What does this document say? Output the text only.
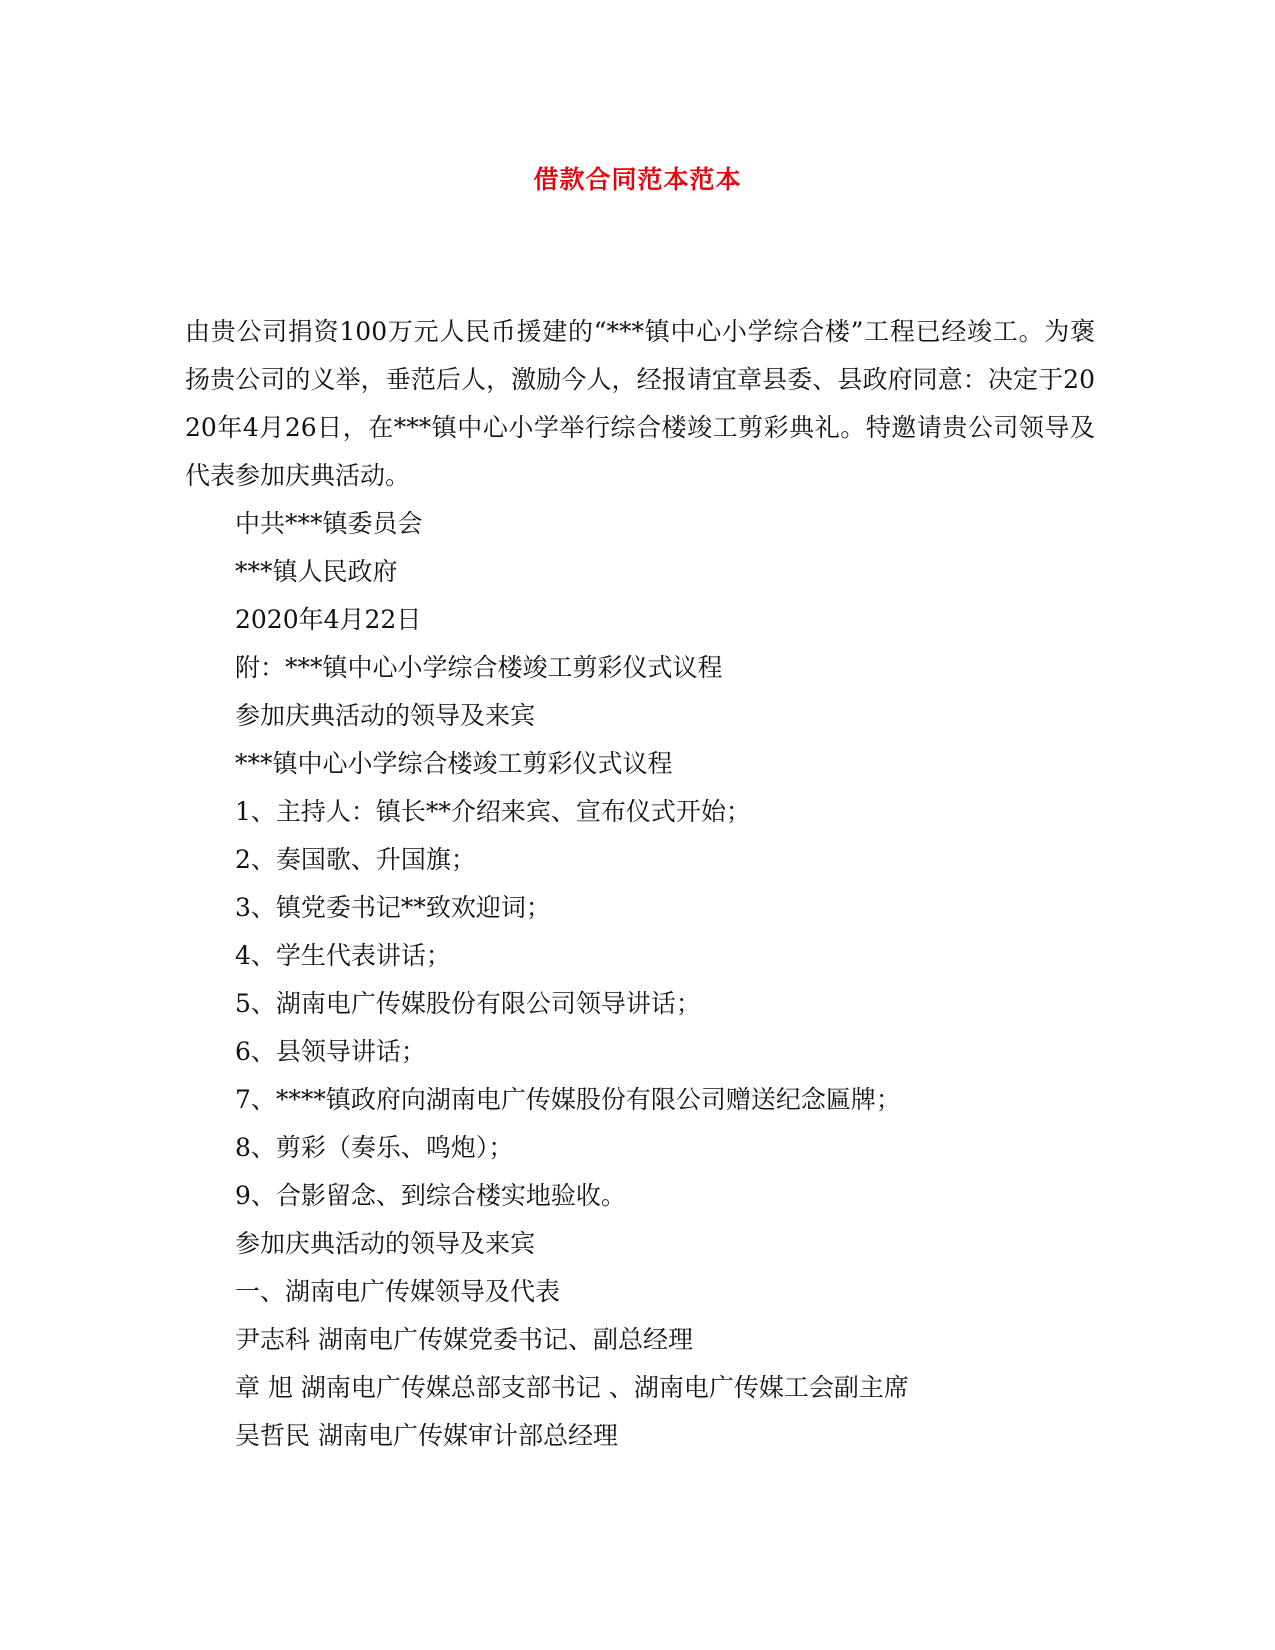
借款合同范本范本

由贵公司捐资100万元人民币援建的“***镇中心小学综合楼”工程已经竣工。为褒扬贵公司的义举，垂范后人，激励今人，经报请宜章县委、县政府同意：决定于2020年4月26日，在***镇中心小学举行综合楼竣工剪彩典礼。特邀请贵公司领导及代表参加庆典活动。

中共***镇委员会

***镇人民政府

2020年4月22日

附：***镇中心小学综合楼竣工剪彩仪式议程

参加庆典活动的领导及来宾

***镇中心小学综合楼竣工剪彩仪式议程

1、主持人：镇长**介绍来宾、宣布仪式开始；

2、奏国歌、升国旗；

3、镇党委书记**致欢迎词；

4、学生代表讲话；

5、湖南电广传媒股份有限公司领导讲话；

6、县领导讲话；

7、****镇政府向湖南电广传媒股份有限公司赠送纪念匾牌；

8、剪彩（奏乐、鸣炮）；

9、合影留念、到综合楼实地验收。

参加庆典活动的领导及来宾

一、湖南电广传媒领导及代表

尹志科 湖南电广传媒党委书记、副总经理

章 旭 湖南电广传媒总部支部书记 、湖南电广传媒工会副主席

吴哲民 湖南电广传媒审计部总经理
